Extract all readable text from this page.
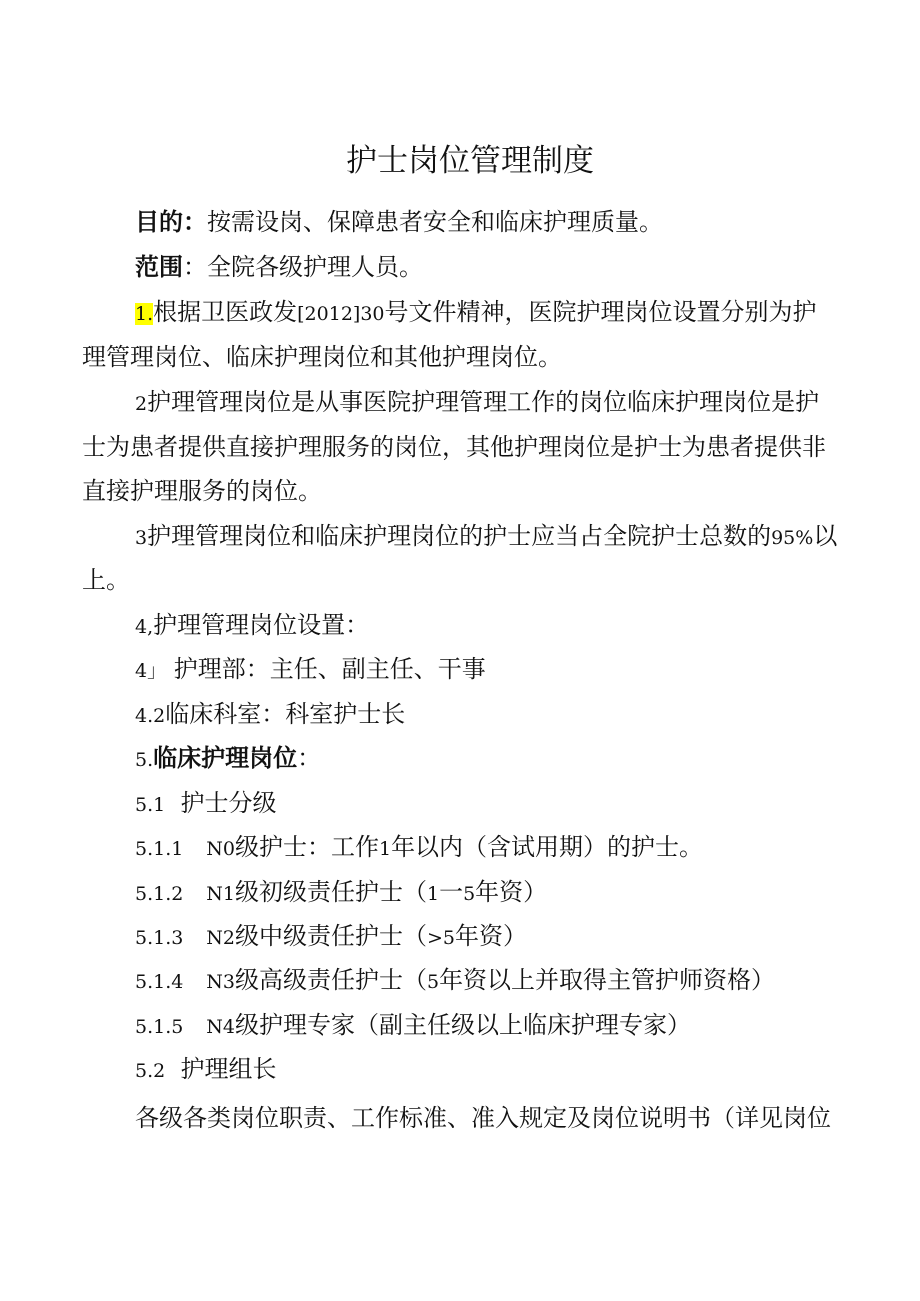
护士岗位管理制度
目的：按需设岗、保障患者安全和临床护理质量。
范围：全院各级护理人员。
1.根据卫医政发[2012]30号文件精神，医院护理岗位设置分别为护
理管理岗位、临床护理岗位和其他护理岗位。
2护理管理岗位是从事医院护理管理工作的岗位临床护理岗位是护
士为患者提供直接护理服务的岗位，其他护理岗位是护士为患者提供非
直接护理服务的岗位。
3护理管理岗位和临床护理岗位的护士应当占全院护士总数的95%以
上。
4,护理管理岗位设置：
4」 护理部：主任、副主任、干事
4.2临床科室：科室护士长
5.临床护理岗位：
5.1 护士分级
5.1.1 N0级护士：工作1年以内（含试用期）的护士。
5.1.2 N1级初级责任护士（1一5年资）
5.1.3 N2级中级责任护士（>5年资）
5.1.4 N3级高级责任护士（5年资以上并取得主管护师资格）
5.1.5 N4级护理专家（副主任级以上临床护理专家）
5.2 护理组长
各级各类岗位职责、工作标准、准入规定及岗位说明书（详见岗位
